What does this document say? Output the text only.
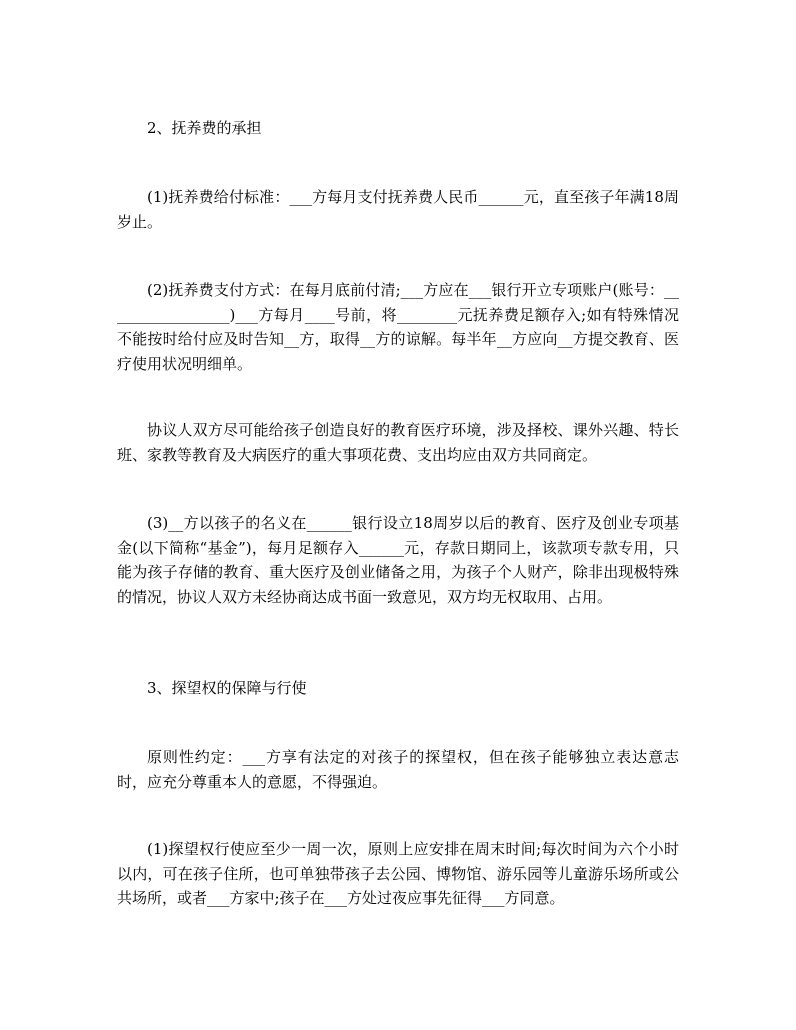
2、抚养费的承担

(1)抚养费给付标准：___方每月支付抚养费人民币______元，直至孩子年满18周岁止。

(2)抚养费支付方式：在每月底前付清;___方应在___银行开立专项账户(账号：_________________)___方每月____号前，将________元抚养费足额存入;如有特殊情况不能按时给付应及时告知__方，取得__方的谅解。每半年__方应向__方提交教育、医疗使用状况明细单。

协议人双方尽可能给孩子创造良好的教育医疗环境，涉及择校、课外兴趣、特长班、家教等教育及大病医疗的重大事项花费、支出均应由双方共同商定。

(3)__方以孩子的名义在______银行设立18周岁以后的教育、医疗及创业专项基金(以下简称“基金”)，每月足额存入______元，存款日期同上，该款项专款专用，只能为孩子存储的教育、重大医疗及创业储备之用，为孩子个人财产，除非出现极特殊的情况，协议人双方未经协商达成书面一致意见，双方均无权取用、占用。

3、探望权的保障与行使

原则性约定：___方享有法定的对孩子的探望权，但在孩子能够独立表达意志时，应充分尊重本人的意愿，不得强迫。

(1)探望权行使应至少一周一次，原则上应安排在周末时间;每次时间为六个小时以内，可在孩子住所，也可单独带孩子去公园、博物馆、游乐园等儿童游乐场所或公共场所，或者___方家中;孩子在___方处过夜应事先征得___方同意。
